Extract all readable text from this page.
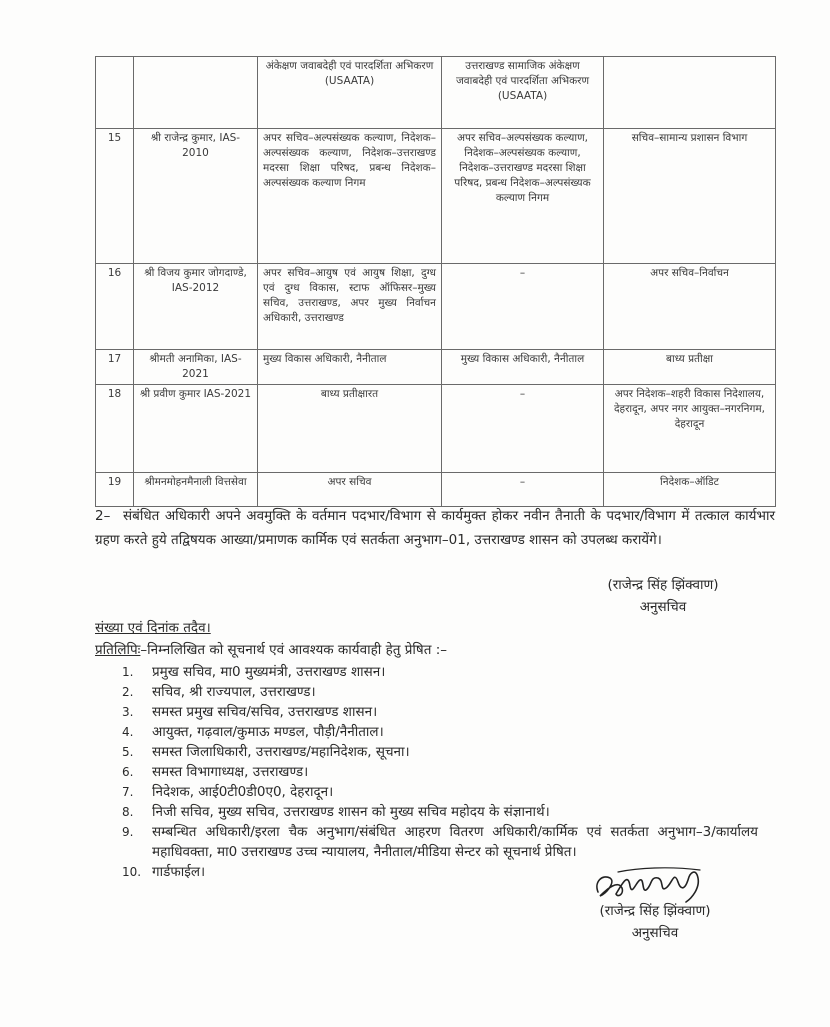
		अंकेक्षण जवाबदेही एवं पारदर्शिता अभिकरण (USAATA)	उत्तराखण्ड सामाजिक अंकेक्षण जवाबदेही एवं पारदर्शिता अभिकरण (USAATA)	
15	श्री राजेन्द्र कुमार, IAS-2010	अपर सचिव–अल्पसंख्यक कल्याण, निदेशक–अल्पसंख्यक कल्याण, निदेशक–उत्तराखण्ड मदरसा शिक्षा परिषद, प्रबन्ध निदेशक–अल्पसंख्यक कल्याण निगम	अपर सचिव–अल्पसंख्यक कल्याण, निदेशक–अल्पसंख्यक कल्याण, निदेशक–उत्तराखण्ड मदरसा शिक्षा परिषद, प्रबन्ध निदेशक–अल्पसंख्यक कल्याण निगम	सचिव–सामान्य प्रशासन विभाग
16	श्री विजय कुमार जोगदाण्डे, IAS-2012	अपर सचिव–आयुष एवं आयुष शिक्षा, दुग्ध एवं दुग्ध विकास, स्टाफ ऑफिसर–मुख्य सचिव, उत्तराखण्ड, अपर मुख्य निर्वाचन अधिकारी, उत्तराखण्ड	–	अपर सचिव–निर्वाचन
17	श्रीमती अनामिका, IAS-2021	मुख्य विकास अधिकारी, नैनीताल	मुख्य विकास अधिकारी, नैनीताल	बाध्य प्रतीक्षा
18	श्री प्रवीण कुमार IAS-2021	बाध्य प्रतीक्षारत	–	अपर निदेशक–शहरी विकास निदेशालय, देहरादून, अपर नगर आयुक्त–नगरनिगम, देहरादून
19	श्रीमनमोहनमैनाली वित्तसेवा	अपर सचिव	–	निदेशक–ऑडिट
2– संबंधित अधिकारी अपने अवमुक्ति के वर्तमान पदभार/विभाग से कार्यमुक्त होकर नवीन तैनाती के पदभार/विभाग में तत्काल कार्यभार ग्रहण करते हुये तद्विषयक आख्या/प्रमाणक कार्मिक एवं सतर्कता अनुभाग–01, उत्तराखण्ड शासन को उपलब्ध करायेंगे।
(राजेन्द्र सिंह झिंक्वाण)
अनुसचिव
संख्या एवं दिनांक तदैव।
प्रतिलिपिः–निम्नलिखित को सूचनार्थ एवं आवश्यक कार्यवाही हेतु प्रेषित :–
1.	प्रमुख सचिव, मा0 मुख्यमंत्री, उत्तराखण्ड शासन।
2.	सचिव, श्री राज्यपाल, उत्तराखण्ड।
3.	समस्त प्रमुख सचिव/सचिव, उत्तराखण्ड शासन।
4.	आयुक्त, गढ़वाल/कुमाऊ मण्डल, पौड़ी/नैनीताल।
5.	समस्त जिलाधिकारी, उत्तराखण्ड/महानिदेशक, सूचना।
6.	समस्त विभागाध्यक्ष, उत्तराखण्ड।
7.	निदेशक, आई0टी0डी0ए0, देहरादून।
8.	निजी सचिव, मुख्य सचिव, उत्तराखण्ड शासन को मुख्य सचिव महोदय के संज्ञानार्थ।
9.	सम्बन्धित अधिकारी/इरला चैक अनुभाग/संबंधित आहरण वितरण अधिकारी/कार्मिक एवं सतर्कता अनुभाग–3/कार्यालय महाधिवक्ता, मा0 उत्तराखण्ड उच्च न्यायालय, नैनीताल/मीडिया सेन्टर को सूचनार्थ प्रेषित।
10. गार्डफाईल।
(राजेन्द्र सिंह झिंक्वाण)
अनुसचिव
